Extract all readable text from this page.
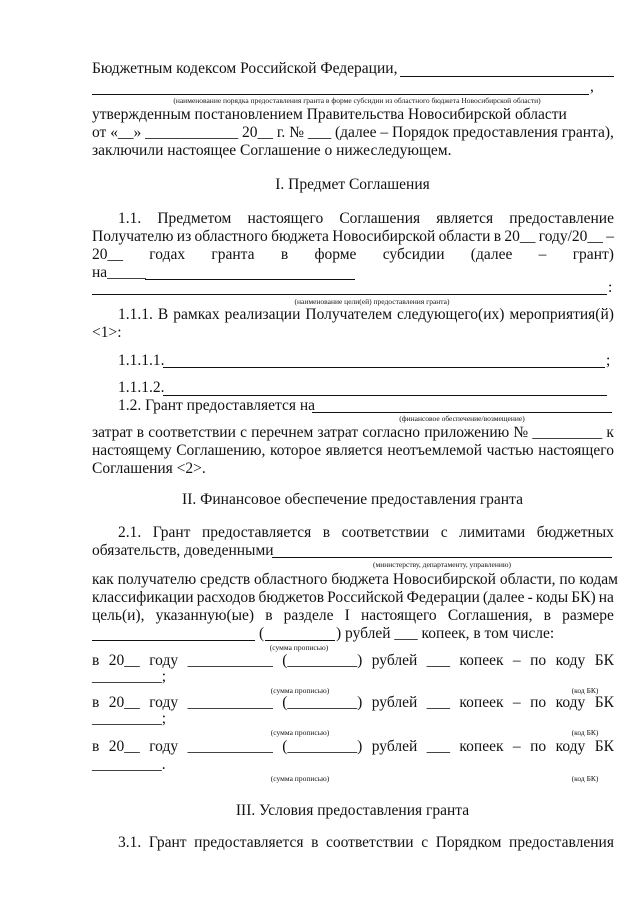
Бюджетным кодексом Российской Федерации,
,
(наименование порядка предоставления гранта в форме субсидии из областного бюджета Новосибирской области)
утвержденным постановлением Правительства Новосибирской области
от «__» ____________ 20__ г. № ___ (далее – Порядок предоставления гранта),
заключили настоящее Соглашение о нижеследующем.
I. Предмет Соглашения
1.1. Предметом настоящего Соглашения является предоставление
Получателю из областного бюджета Новосибирской области в 20__ году/20__ –
20__ годах гранта в форме субсидии (далее – грант)
на_____
:
(наименование цели(ей) предоставления гранта)
1.1.1. В рамках реализации Получателем следующего(их) мероприятия(й)
<1>:
1.1.1.1.	;
1.1.1.2.
1.2. Грант предоставляется на
(финансовое обеспечение/возмещение)
затрат в соответствии с перечнем затрат согласно приложению № _________ к
настоящему Соглашению, которое является неотъемлемой частью настоящего
Соглашения <2>.
II. Финансовое обеспечение предоставления гранта
2.1. Грант предоставляется в соответствии с лимитами бюджетных
обязательств, доведенными
(министерству, департаменту, управлению)
как получателю средств областного бюджета Новосибирской области, по кодам
классификации расходов бюджетов Российской Федерации (далее - коды БК) на
цель(и), указанную(ые) в разделе I настоящего Соглашения, в размере
(	) рублей ___ копеек, в том числе:
(сумма прописью)
в 20__ году ___________ (_________) рублей ___ копеек – по коду БК
_________;
(сумма прописью)	(код БК)
в 20__ году ___________ (_________) рублей ___ копеек – по коду БК
_________;
(сумма прописью)	(код БК)
в 20__ году ___________ (_________) рублей ___ копеек – по коду БК
_________.
(сумма прописью)	(код БК)
III. Условия предоставления гранта
3.1. Грант предоставляется в соответствии с Порядком предоставления
